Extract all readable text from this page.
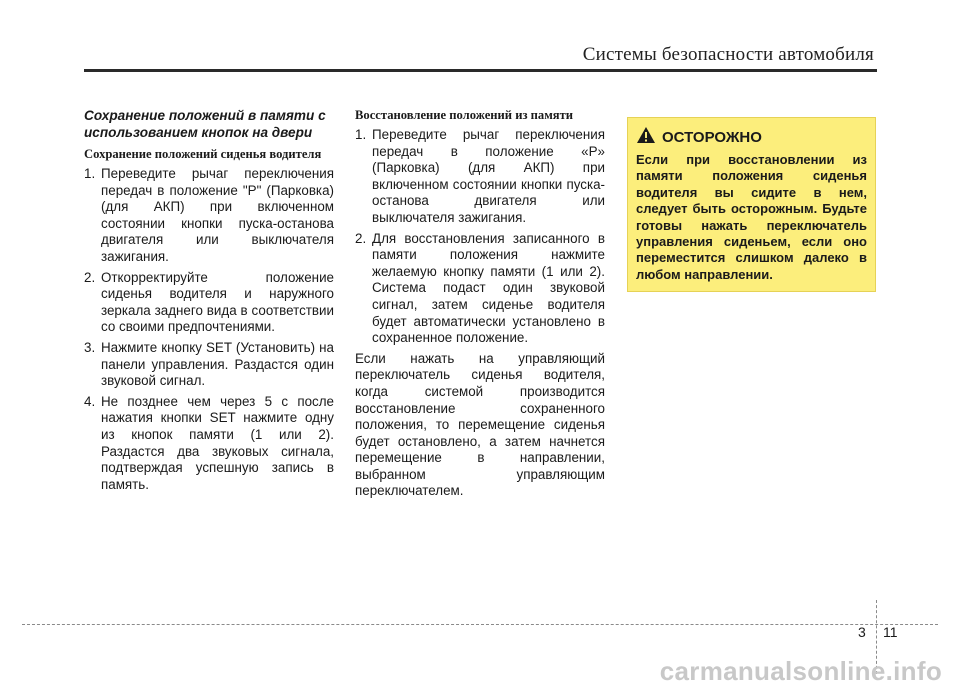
Системы безопасности автомобиля
Сохранение положений в памяти с использованием кнопок на двери
Сохранение положений сиденья водителя
1. Переведите рычаг переключения передач в положение "P" (Парковка) (для АКП) при включенном состоянии кнопки пуска-останова двигателя или выключателя зажигания.
2. Откорректируйте положение сиденья водителя и наружного зеркала заднего вида в соответствии со своими предпочтениями.
3. Нажмите кнопку SET (Установить) на панели управления. Раздастся один звуковой сигнал.
4. Не позднее чем через 5 с после нажатия кнопки SET нажмите одну из кнопок памяти (1 или 2). Раздастся два звуковых сигнала, подтверждая успешную запись в память.
Восстановление положений из памяти
1. Переведите рычаг переключения передач в положение «P» (Парковка) (для АКП) при включенном состоянии кнопки пуска-останова двигателя или выключателя зажигания.
2. Для восстановления записанного в памяти положения нажмите желаемую кнопку памяти (1 или 2). Система подаст один звуковой сигнал, затем сиденье водителя будет автоматически установлено в сохраненное положение.
Если нажать на управляющий переключатель сиденья водителя, когда системой производится восстановление сохраненного положения, то перемещение сиденья будет остановлено, а затем начнется перемещение в направлении, выбранном управляющим переключателем.
ОСТОРОЖНО
Если при восстановлении из памяти положения сиденья водителя вы сидите в нем, следует быть осторожным. Будьте готовы нажать переключатель управления сиденьем, если оно переместится слишком далеко в любом направлении.
3 11
carmanualsonline.info
